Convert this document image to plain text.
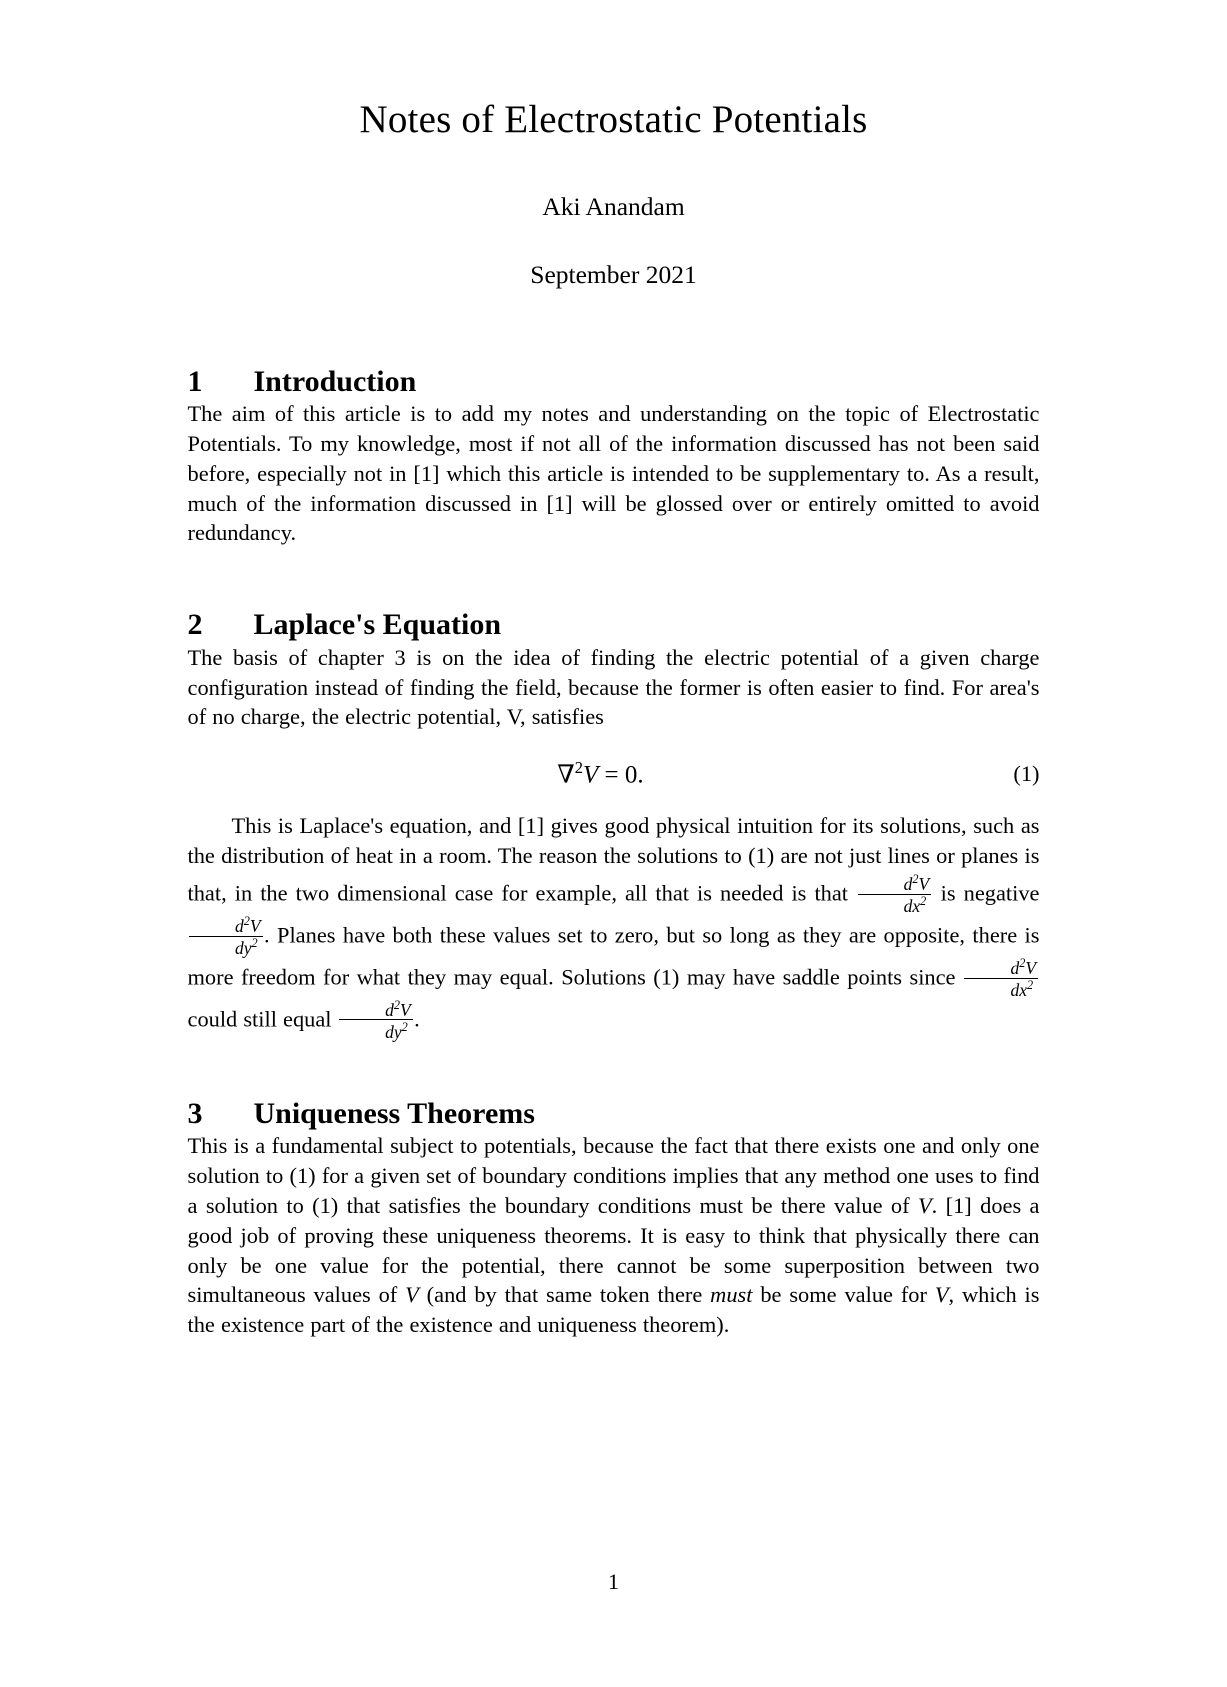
Notes of Electrostatic Potentials
Aki Anandam
September 2021
1	Introduction

The aim of this article is to add my notes and understanding on the topic of Electrostatic Potentials. To my knowledge, most if not all of the information discussed has not been said before, especially not in [1] which this article is intended to be supplementary to. As a result, much of the information discussed in [1] will be glossed over or entirely omitted to avoid redundancy.

2	Laplace's Equation

The basis of chapter 3 is on the idea of finding the electric potential of a given charge configuration instead of finding the field, because the former is often easier to find. For area's of no charge, the electric potential, V, satisfies

∇$^2$V = 0.	(1)

This is Laplace's equation, and [1] gives good physical intuition for its solutions, such as the distribution of heat in a room. The reason the solutions to (1) are not just lines or planes is that, in the two dimensional case for example, all that is needed is that $\frac{d^2V}{dx^2}$ is negative
$\frac{d^2V}{dy^2}$ . Planes have both these values set to zero, but so long as they are opposite, there is more freedom for what they may equal. Solutions (1) may have saddle points since $\frac{d^2V}{dx^2}$
could still equal $\frac{d^2V}{dy^2}$ .

3	Uniqueness Theorems

This is a fundamental subject to potentials, because the fact that there exists one and only one solution to (1) for a given set of boundary conditions implies that any method one uses to find a solution to (1) that satisfies the boundary conditions must be there value of V. [1] does a good job of proving these uniqueness theorems. It is easy to think that physically there can only be one value for the potential, there cannot be some superposition between two simultaneous values of V (and by that same token there must be some value for V, which is the existence part of the existence and uniqueness theorem).

1
